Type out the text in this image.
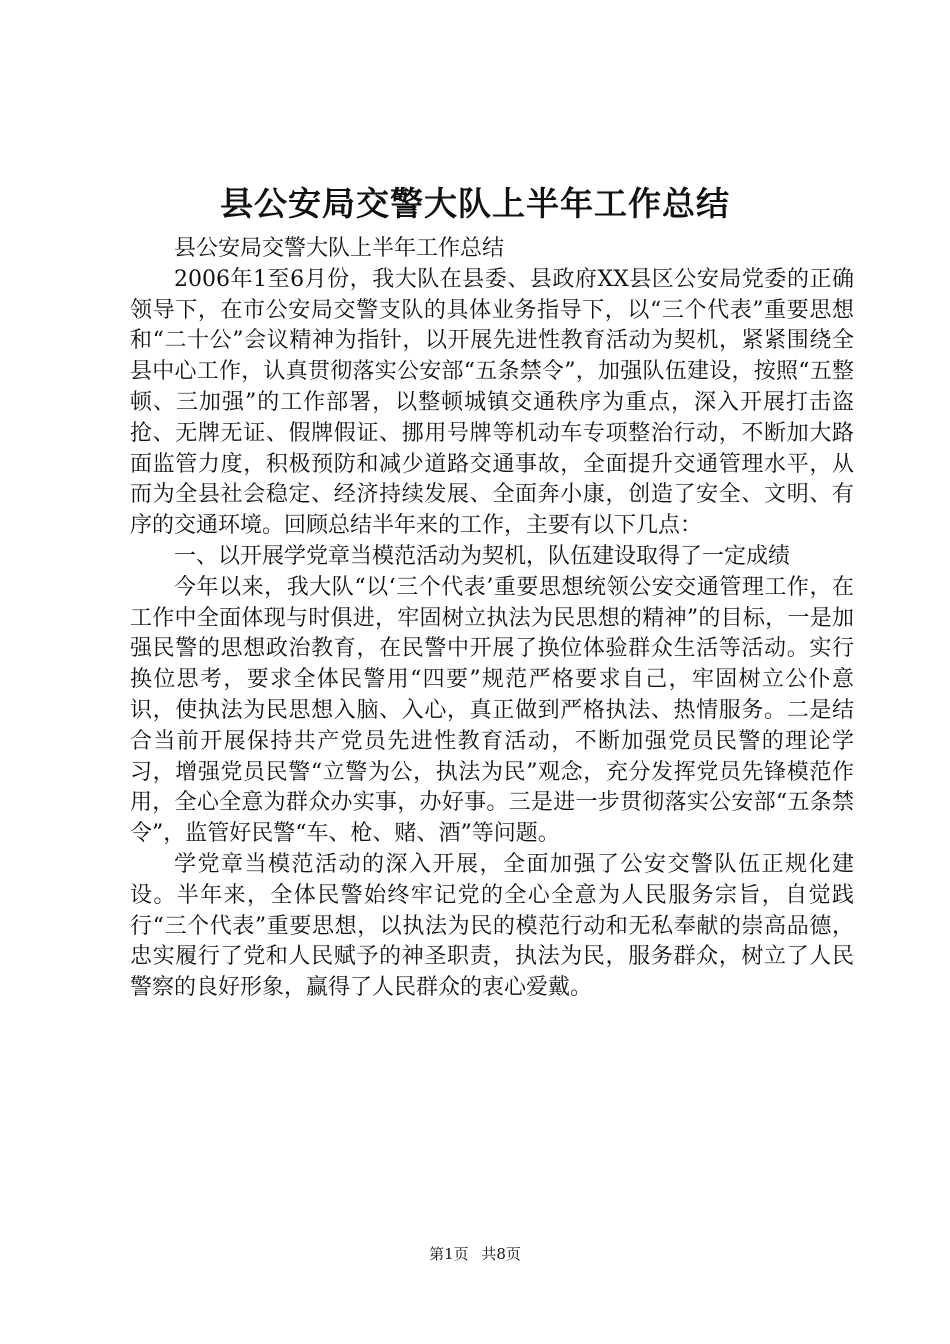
县公安局交警大队上半年工作总结

县公安局交警大队上半年工作总结

2006年1至6月份，我大队在县委、县政府XX县区公安局党委的正确领导下，在市公安局交警支队的具体业务指导下，以“三个代表”重要思想和“二十公”会议精神为指针，以开展先进性教育活动为契机，紧紧围绕全县中心工作，认真贯彻落实公安部“五条禁令”，加强队伍建设，按照“五整顿、三加强”的工作部署，以整顿城镇交通秩序为重点，深入开展打击盗抢、无牌无证、假牌假证、挪用号牌等机动车专项整治行动，不断加大路面监管力度，积极预防和减少道路交通事故，全面提升交通管理水平，从而为全县社会稳定、经济持续发展、全面奔小康，创造了安全、文明、有序的交通环境。回顾总结半年来的工作，主要有以下几点：

一、以开展学党章当模范活动为契机，队伍建设取得了一定成绩

今年以来，我大队“以‘三个代表’重要思想统领公安交通管理工作，在工作中全面体现与时俱进，牢固树立执法为民思想的精神”的目标，一是加强民警的思想政治教育，在民警中开展了换位体验群众生活等活动。实行换位思考，要求全体民警用“四要”规范严格要求自己，牢固树立公仆意识，使执法为民思想入脑、入心，真正做到严格执法、热情服务。二是结合当前开展保持共产党员先进性教育活动，不断加强党员民警的理论学习，增强党员民警“立警为公，执法为民”观念，充分发挥党员先锋模范作用，全心全意为群众办实事，办好事。三是进一步贯彻落实公安部“五条禁令”，监管好民警“车、枪、赌、酒”等问题。

学党章当模范活动的深入开展，全面加强了公安交警队伍正规化建设。半年来，全体民警始终牢记党的全心全意为人民服务宗旨，自觉践行“三个代表”重要思想，以执法为民的模范行动和无私奉献的崇高品德，忠实履行了党和人民赋予的神圣职责，执法为民，服务群众，树立了人民警察的良好形象，赢得了人民群众的衷心爱戴。

第1页 共8页
